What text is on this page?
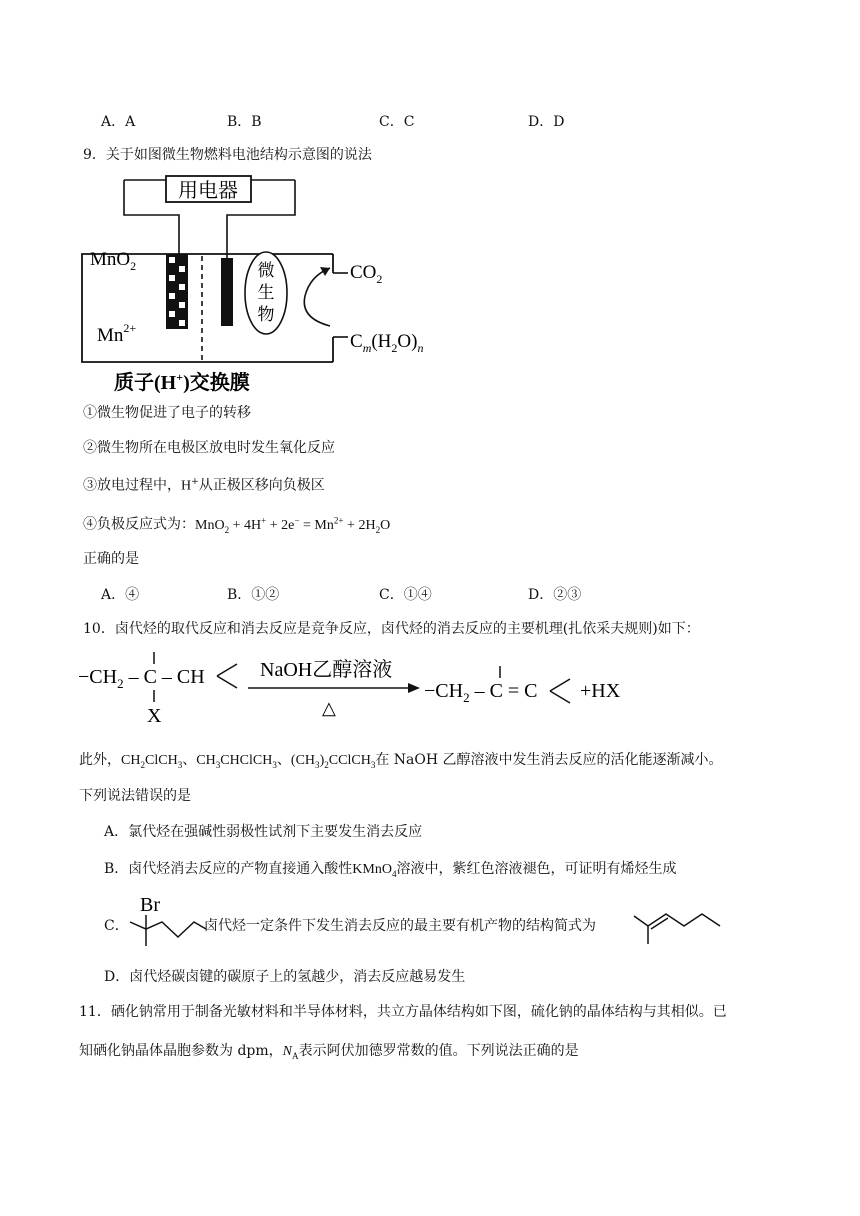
A．A	B．B	C．C	D．D
9．关于如图微生物燃料电池结构示意图的说法
用电器
微
生
物
MnO$_2$
$Mn^{2+}$
$CO_2$
$C_m(H_2O)_n$
质子(H+)交换膜
①微生物促进了电子的转移
②微生物所在电极区放电时发生氧化反应
③放电过程中，H+从正极区移向负极区
④负极反应式为：$MnO_2 + 4H^+ + 2e^- = Mn^{2+} + 2H_2O$
正确的是
A．④	B．①②	C．①④	D．②③
10．卤代烃的取代反应和消去反应是竞争反应，卤代烃的消去反应的主要机理(扎依采夫规则)如下：
$-CH_2 - C$ – CH
X
NaOH乙醇溶液
△
$-CH_2 - C = C +HX$
此外，$CH_2ClCH_3$、$CH_3CHClCH_3$、$(CH_3)_2CClCH_3$在 NaOH 乙醇溶液中发生消去反应的活化能逐渐减小。
下列说法错误的是
A．氯代烃在强碱性弱极性试剂下主要发生消去反应
B．卤代烃消去反应的产物直接通入酸性KMnO$_4$溶液中，紫红色溶液褪色，可证明有烯烃生成
C．
Br
卤代烃一定条件下发生消去反应的最主要有机产物的结构简式为
D．卤代烃碳卤键的碳原子上的氢越少，消去反应越易发生
11．硒化钠常用于制备光敏材料和半导体材料，共立方晶体结构如下图，硫化钠的晶体结构与其相似。已
知硒化钠晶体晶胞参数为 dpm，$N_A$表示阿伏加德罗常数的值。下列说法正确的是
